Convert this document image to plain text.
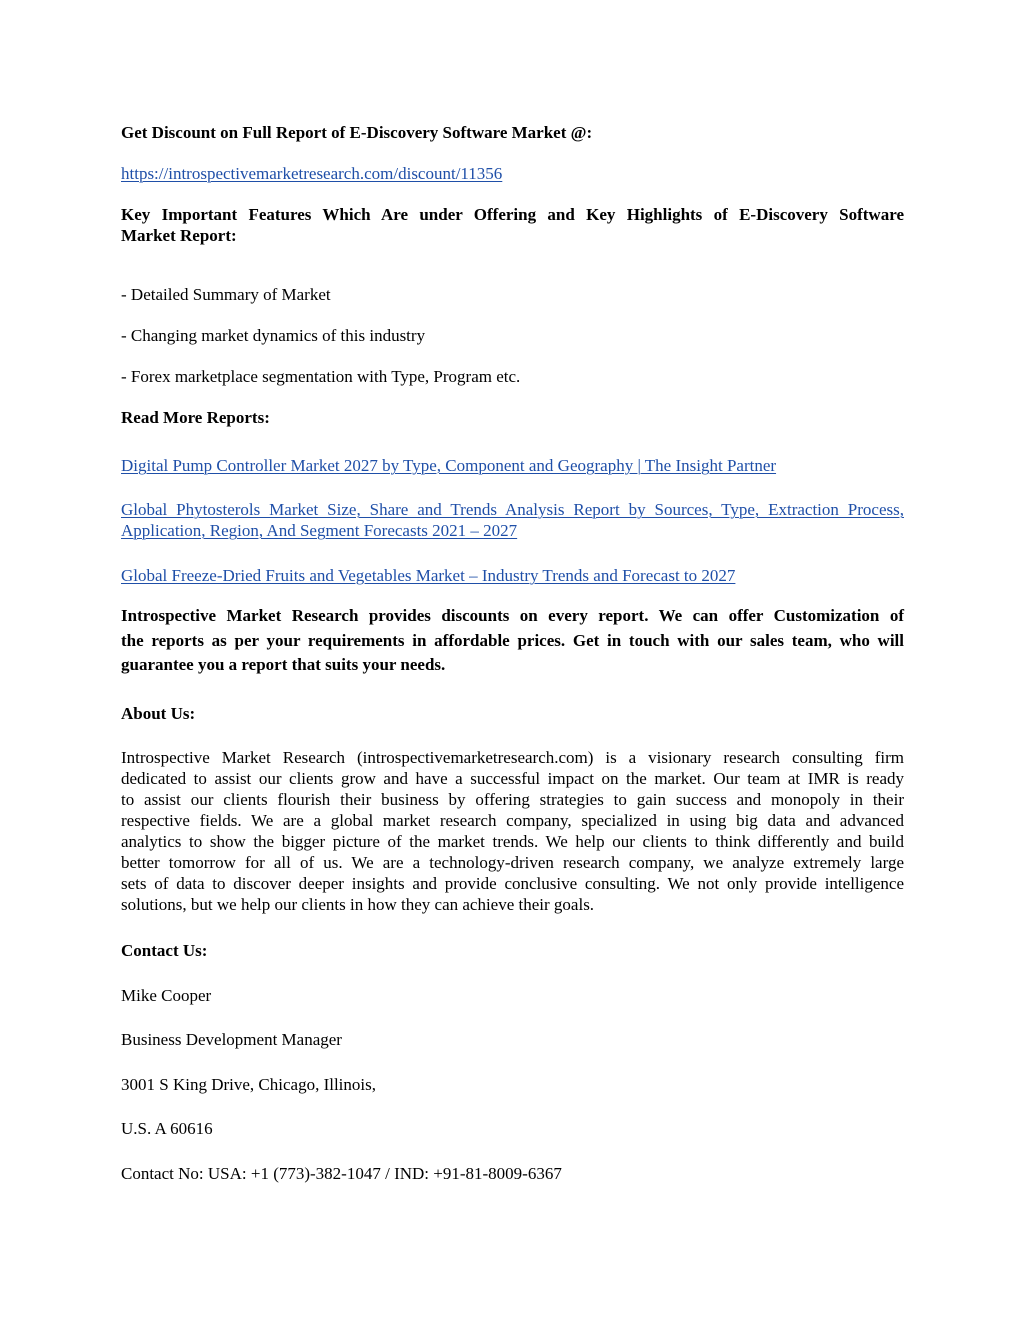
Get Discount on Full Report of E-Discovery Software Market @:
https://introspectivemarketresearch.com/discount/11356
Key Important Features Which Are under Offering and Key Highlights of E-Discovery Software
Market Report:
- Detailed Summary of Market
- Changing market dynamics of this industry
- Forex marketplace segmentation with Type, Program etc.
Read More Reports:
Digital Pump Controller Market 2027 by Type, Component and Geography | The Insight Partner
Global Phytosterols Market Size, Share and Trends Analysis Report by Sources, Type, Extraction Process,
Application, Region, And Segment Forecasts 2021 – 2027
Global Freeze-Dried Fruits and Vegetables Market – Industry Trends and Forecast to 2027
Introspective Market Research provides discounts on every report. We can offer Customization of
the reports as per your requirements in affordable prices. Get in touch with our sales team, who will
guarantee you a report that suits your needs.
About Us:
Introspective Market Research (introspectivemarketresearch.com) is a visionary research consulting firm
dedicated to assist our clients grow and have a successful impact on the market. Our team at IMR is ready
to assist our clients flourish their business by offering strategies to gain success and monopoly in their
respective fields. We are a global market research company, specialized in using big data and advanced
analytics to show the bigger picture of the market trends. We help our clients to think differently and build
better tomorrow for all of us. We are a technology-driven research company, we analyze extremely large
sets of data to discover deeper insights and provide conclusive consulting. We not only provide intelligence
solutions, but we help our clients in how they can achieve their goals.
Contact Us:
Mike Cooper
Business Development Manager
3001 S King Drive, Chicago, Illinois,
U.S. A 60616
Contact No: USA: +1 (773)-382-1047 / IND: +91-81-8009-6367
